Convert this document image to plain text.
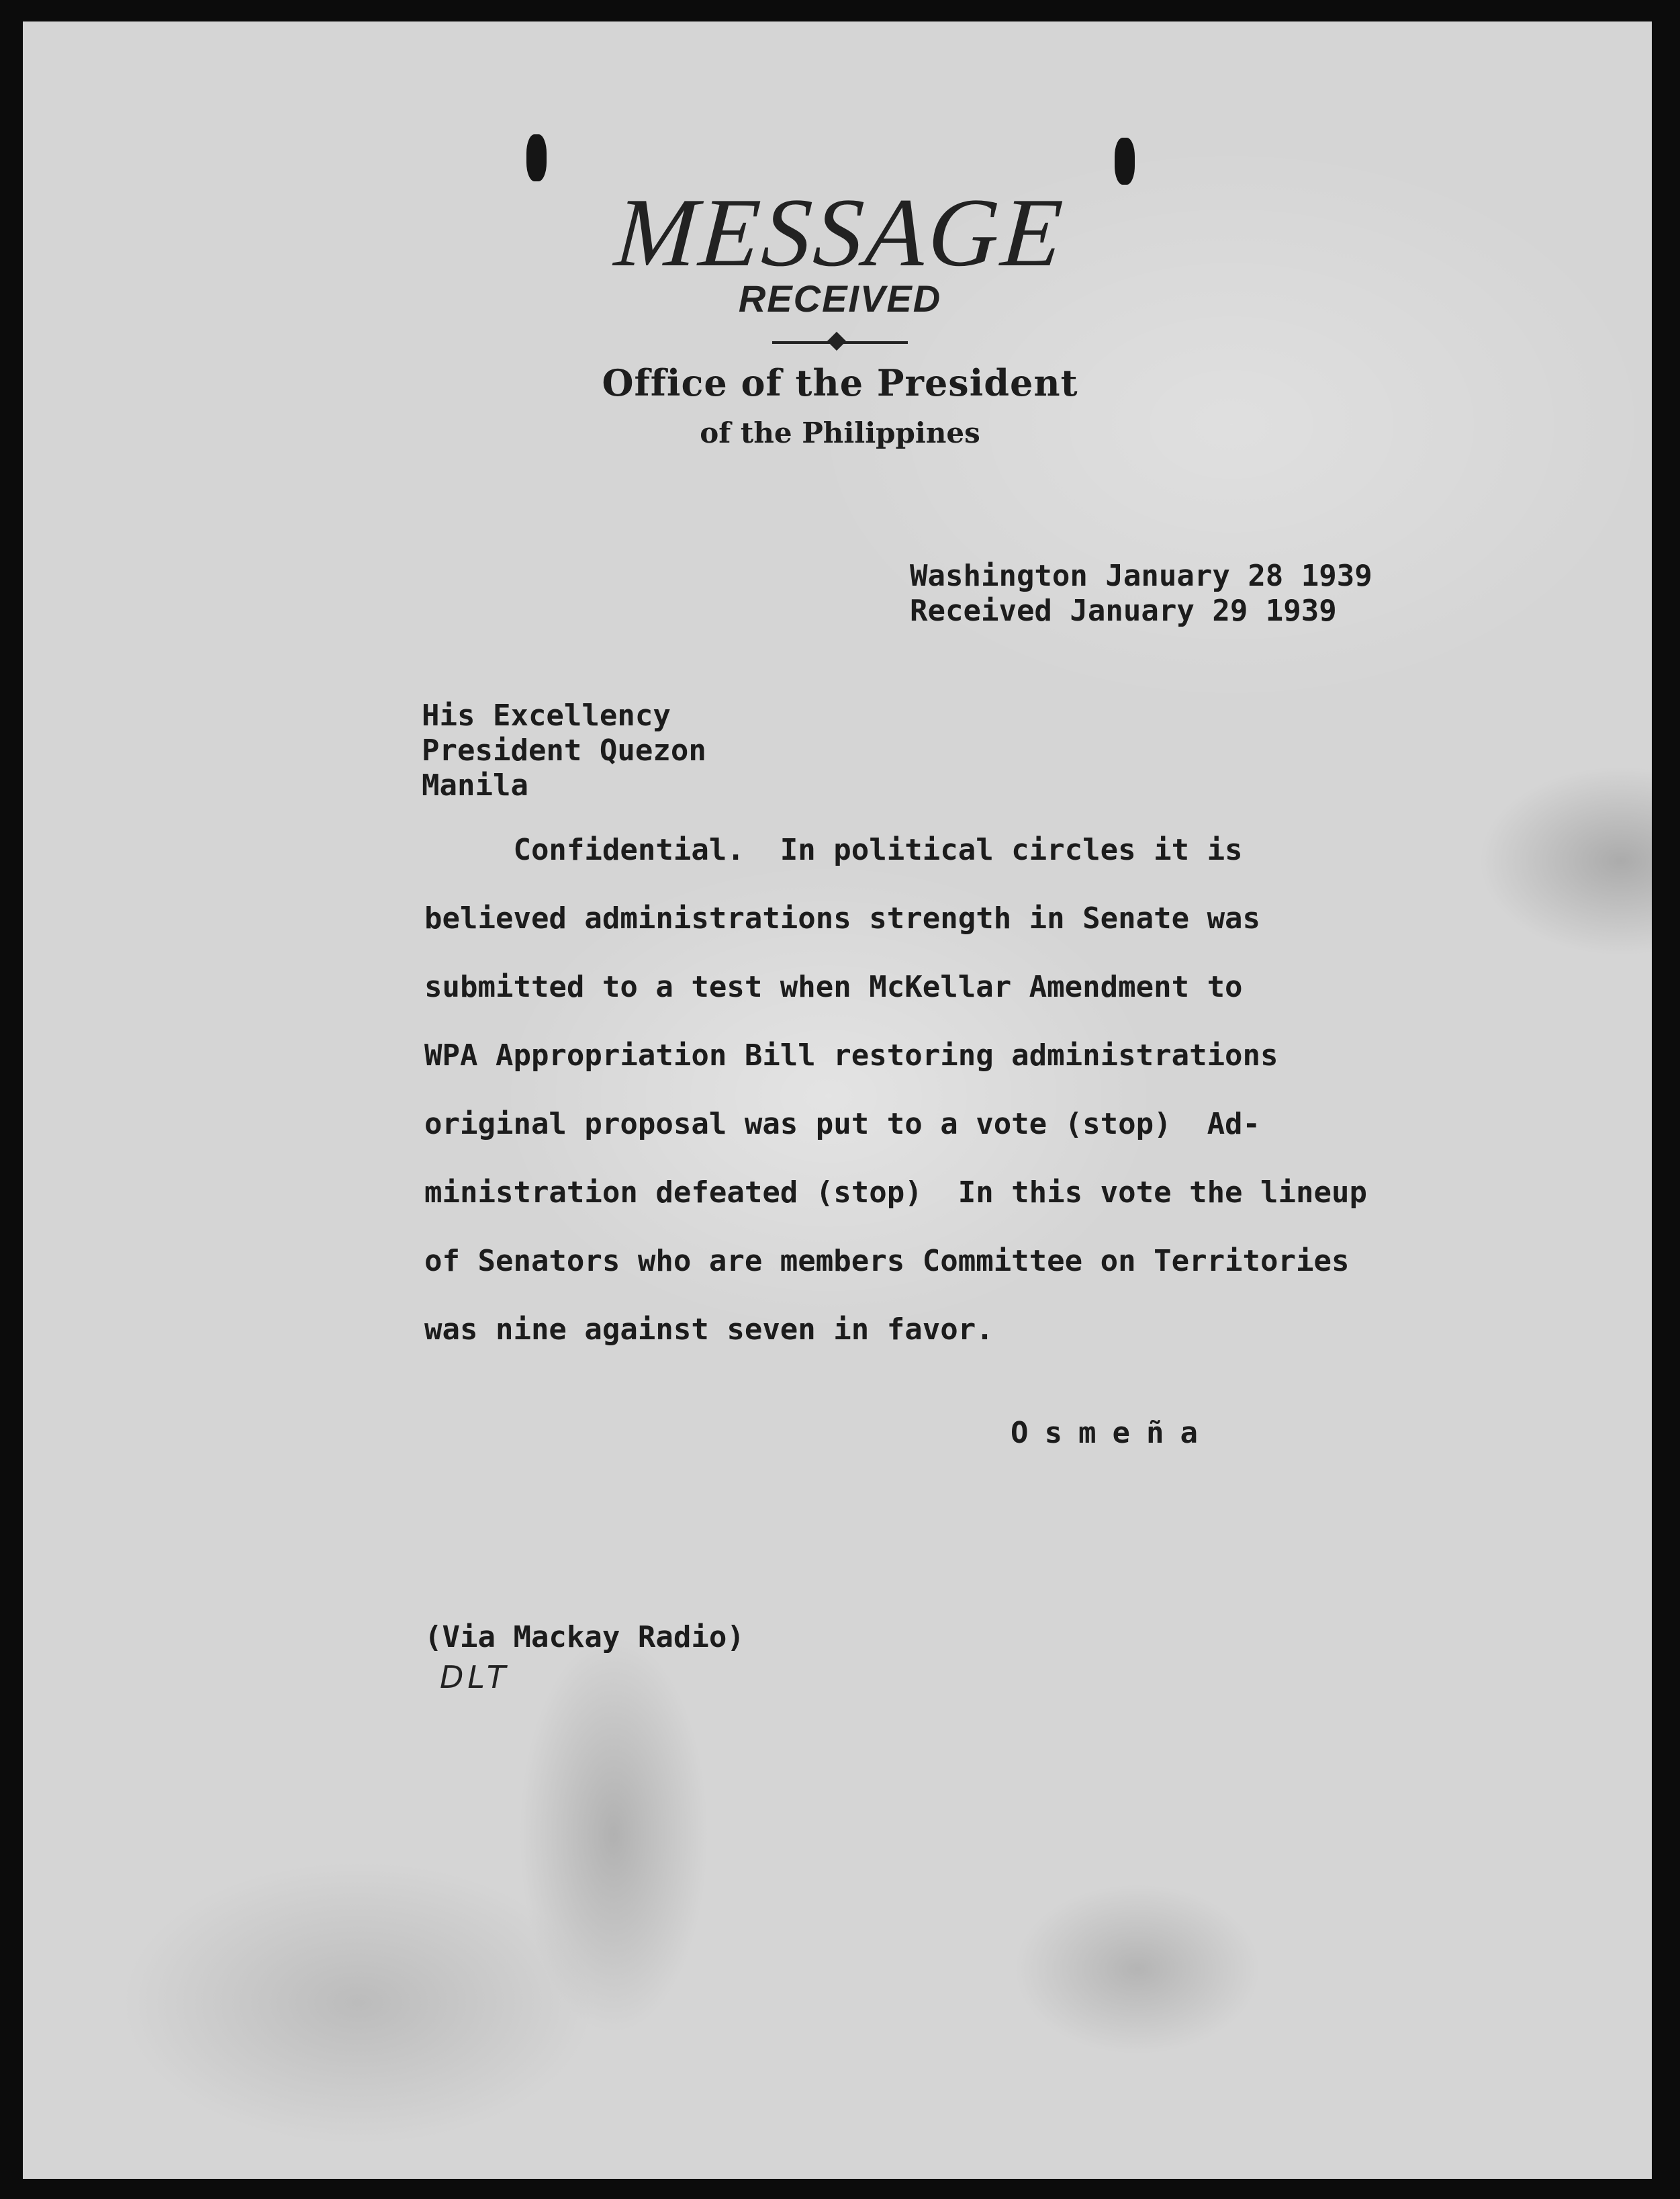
MESSAGE
RECEIVED
Office of the President
of the Philippines
Washington January 28 1939
Received January 29 1939
His Excellency
President Quezon
Manila
Confidential.  In political circles it is
believed administrations strength in Senate was
submitted to a test when McKellar Amendment to
WPA Appropriation Bill restoring administrations
original proposal was put to a vote (stop)  Ad-
ministration defeated (stop)  In this vote the lineup
of Senators who are members Committee on Territories
was nine against seven in favor.
Osmeña
(Via Mackay Radio)
DLT
